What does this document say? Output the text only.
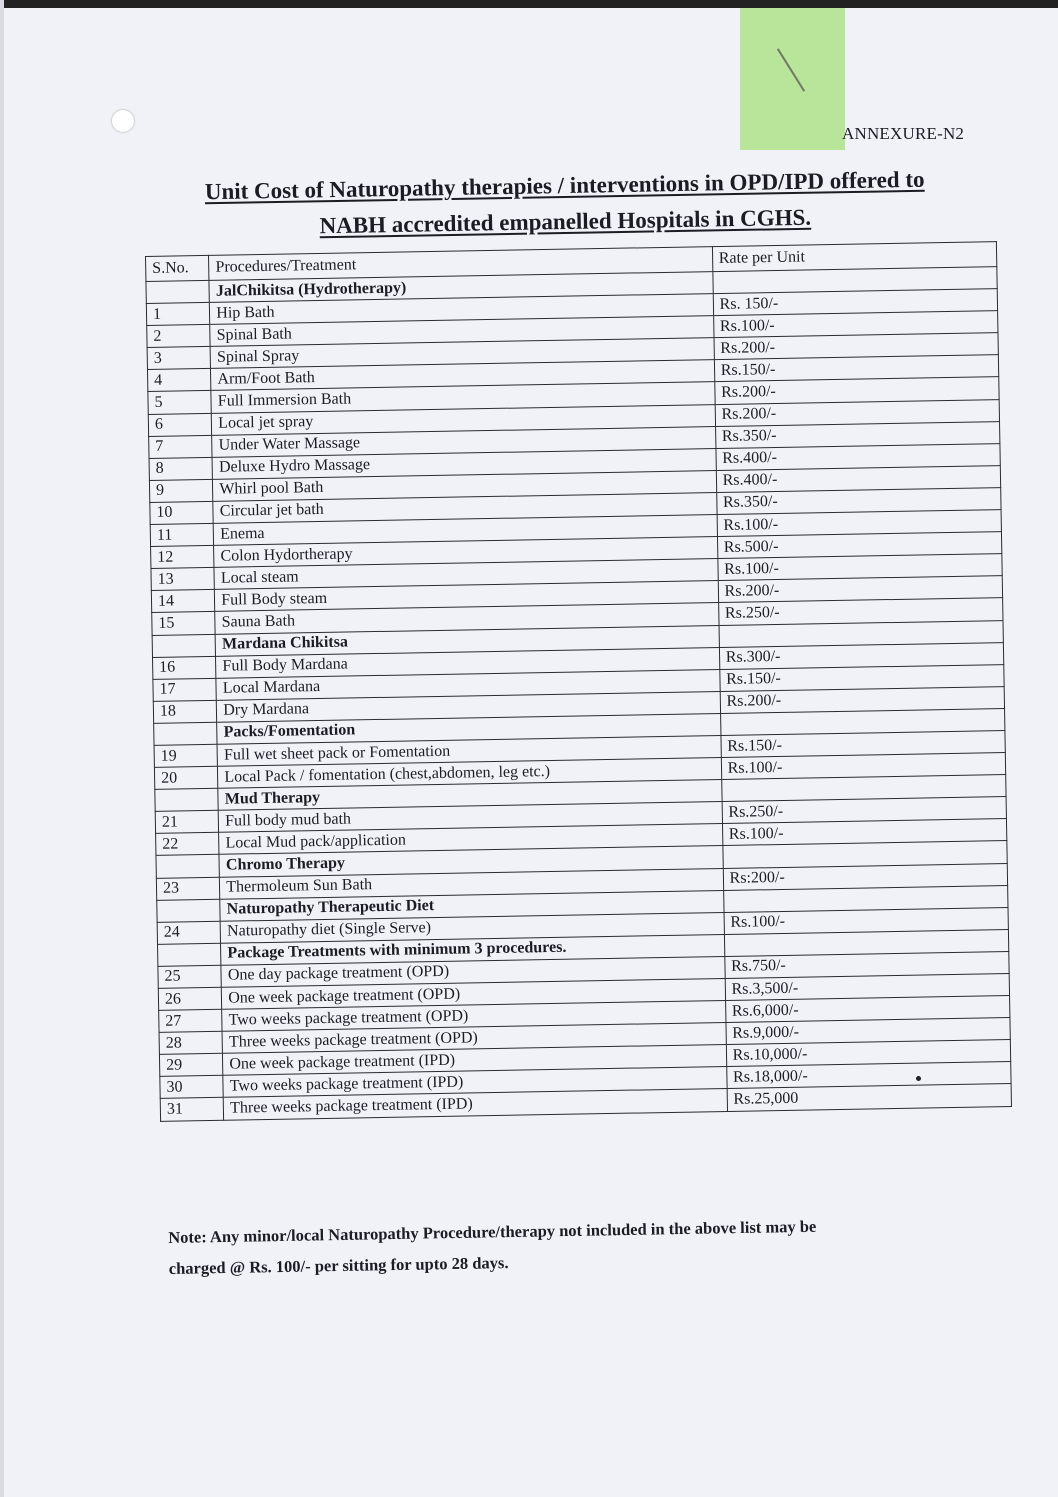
ANNEXURE-N2
Unit Cost of Naturopathy therapies / interventions in OPD/IPD offered to
NABH accredited empanelled Hospitals in CGHS.
S.No.	Procedures/Treatment	Rate per Unit
	JalChikitsa (Hydrotherapy)	
1	Hip Bath	Rs. 150/-
2	Spinal Bath	Rs.100/-
3	Spinal Spray	Rs.200/-
4	Arm/Foot Bath	Rs.150/-
5	Full Immersion Bath	Rs.200/-
6	Local jet spray	Rs.200/-
7	Under Water Massage	Rs.350/-
8	Deluxe Hydro Massage	Rs.400/-
9	Whirl pool Bath	Rs.400/-
10	Circular jet bath	Rs.350/-
11	Enema	Rs.100/-
12	Colon Hydortherapy	Rs.500/-
13	Local steam	Rs.100/-
14	Full Body steam	Rs.200/-
15	Sauna Bath	Rs.250/-
	Mardana Chikitsa	
16	Full Body Mardana	Rs.300/-
17	Local Mardana	Rs.150/-
18	Dry Mardana	Rs.200/-
	Packs/Fomentation	
19	Full wet sheet pack or Fomentation	Rs.150/-
20	Local Pack / fomentation (chest,abdomen, leg etc.)	Rs.100/-
	Mud Therapy	
21	Full body mud bath	Rs.250/-
22	Local Mud pack/application	Rs.100/-
	Chromo Therapy	
23	Thermoleum Sun Bath	Rs:200/-
	Naturopathy Therapeutic Diet	
24	Naturopathy diet (Single Serve)	Rs.100/-
	Package Treatments with minimum 3 procedures.	
25	One day package treatment (OPD)	Rs.750/-
26	One week package treatment (OPD)	Rs.3,500/-
27	Two weeks package treatment (OPD)	Rs.6,000/-
28	Three weeks package treatment (OPD)	Rs.9,000/-
29	One week package treatment (IPD)	Rs.10,000/-
30	Two weeks package treatment (IPD)	Rs.18,000/-
31	Three weeks package treatment (IPD)	Rs.25,000
Note: Any minor/local Naturopathy Procedure/therapy not included in the above list may be
charged @ Rs. 100/- per sitting for upto 28 days.
